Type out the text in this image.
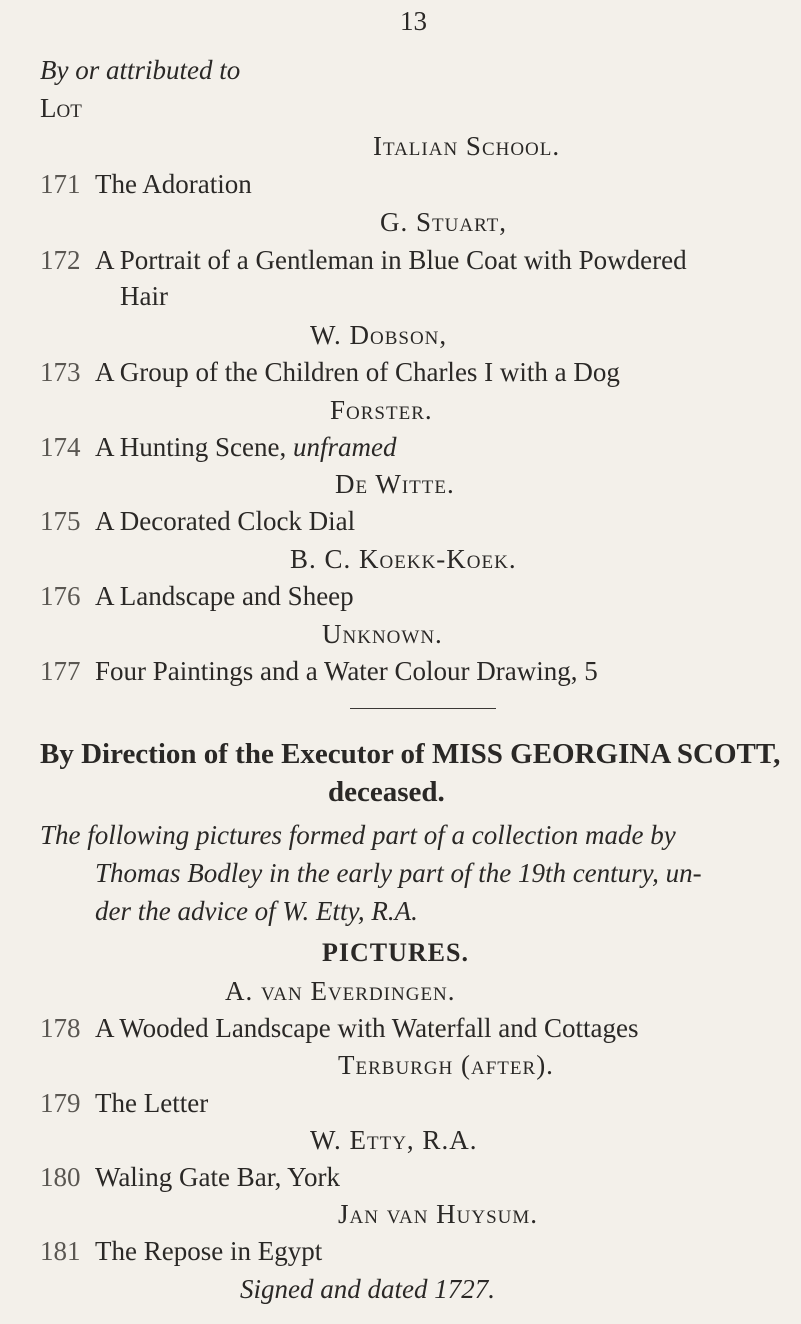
13
By or attributed to
Lot
Italian School.
171 The Adoration
G. Stuart,
172 A Portrait of a Gentleman in Blue Coat with Powdered
Hair
W. Dobson,
173 A Group of the Children of Charles I with a Dog
Forster.
174 A Hunting Scene, unframed
De Witte.
175 A Decorated Clock Dial
B. C. Koekk-Koek.
176 A Landscape and Sheep
Unknown.
177 Four Paintings and a Water Colour Drawing, 5
By Direction of the Executor of MISS GEORGINA SCOTT,
deceased.
The following pictures formed part of a collection made by
Thomas Bodley in the early part of the 19th century, un-
der the advice of W. Etty, R.A.
PICTURES.
A. van Everdingen.
178 A Wooded Landscape with Waterfall and Cottages
Terburgh (after).
179 The Letter
W. Etty, R.A.
180 Waling Gate Bar, York
Jan van Huysum.
181 The Repose in Egypt
Signed and dated 1727.
